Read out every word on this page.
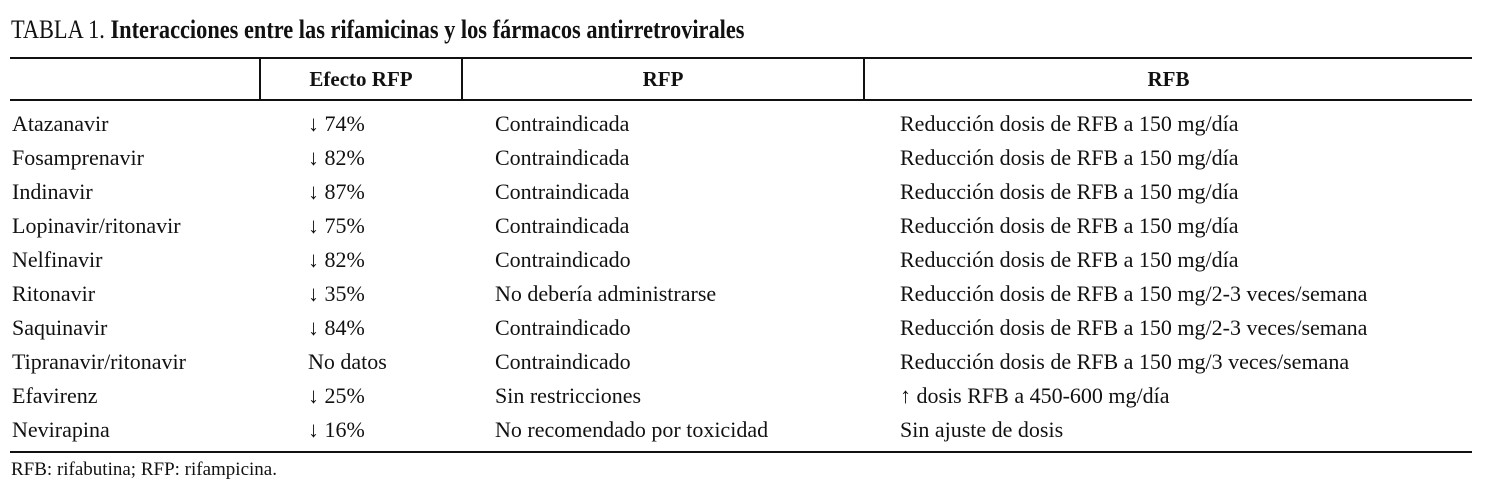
TABLA 1. Interacciones entre las rifamicinas y los fármacos antirretrovirales
	Efecto RFP	RFP	RFB
Atazanavir	↓ 74%	Contraindicada	Reducción dosis de RFB a 150 mg/día
Fosamprenavir	↓ 82%	Contraindicada	Reducción dosis de RFB a 150 mg/día
Indinavir	↓ 87%	Contraindicada	Reducción dosis de RFB a 150 mg/día
Lopinavir/ritonavir	↓ 75%	Contraindicada	Reducción dosis de RFB a 150 mg/día
Nelfinavir	↓ 82%	Contraindicado	Reducción dosis de RFB a 150 mg/día
Ritonavir	↓ 35%	No debería administrarse	Reducción dosis de RFB a 150 mg/2-3 veces/semana
Saquinavir	↓ 84%	Contraindicado	Reducción dosis de RFB a 150 mg/2-3 veces/semana
Tipranavir/ritonavir	No datos	Contraindicado	Reducción dosis de RFB a 150 mg/3 veces/semana
Efavirenz	↓ 25%	Sin restricciones	↑ dosis RFB a 450-600 mg/día
Nevirapina	↓ 16%	No recomendado por toxicidad	Sin ajuste de dosis
RFB: rifabutina; RFP: rifampicina.
